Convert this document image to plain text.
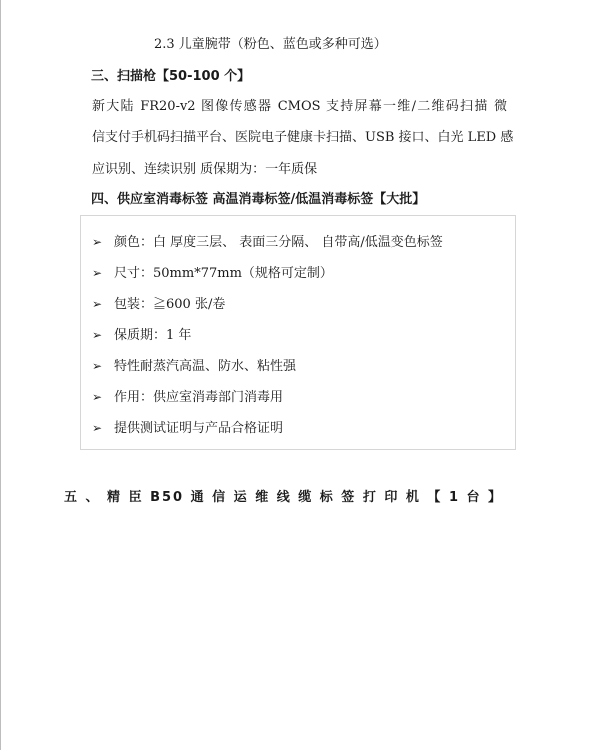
2.3 儿童腕带（粉色、蓝色或多种可选）
三、扫描枪【50-100 个】
新大陆 FR20-v2 图像传感器 CMOS 支持屏幕一维/二维码扫描 微
信支付手机码扫描平台、医院电子健康卡扫描、USB 接口、白光 LED 感
应识别、连续识别 质保期为：一年质保
四、供应室消毒标签 高温消毒标签/低温消毒标签【大批】
➢ 颜色：白 厚度三层、 表面三分隔、 自带高/低温变色标签
➢ 尺寸：50mm*77mm（规格可定制）
➢ 包装：≧600 张/卷
➢ 保质期：1 年
➢ 特性耐蒸汽高温、防水、粘性强
➢ 作用：供应室消毒部门消毒用
➢ 提供测试证明与产品合格证明
五 、 精 臣 B50 通 信 运 维 线 缆 标 签 打 印 机 【 1 台 】
